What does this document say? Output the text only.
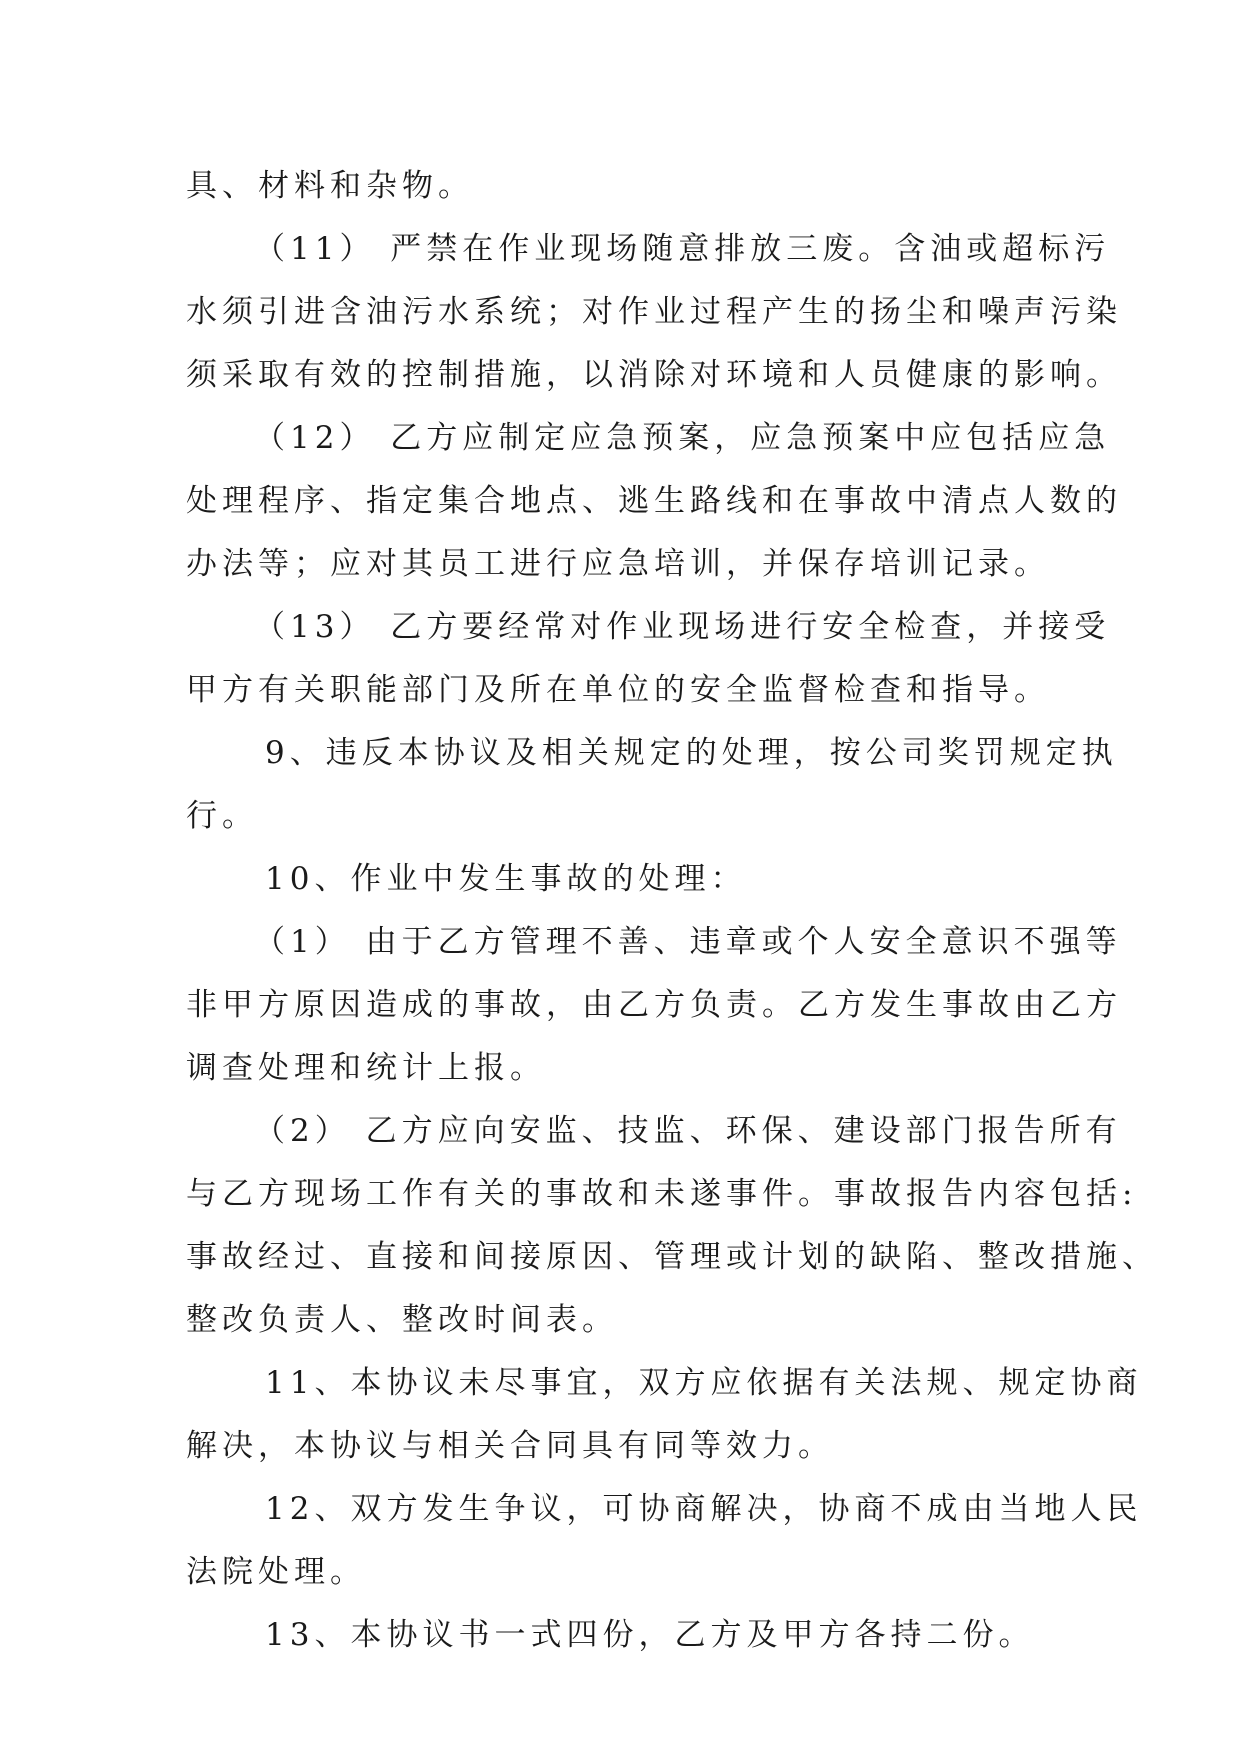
具、材料和杂物。
（11） 严禁在作业现场随意排放三废。含油或超标污
水须引进含油污水系统；对作业过程产生的扬尘和噪声污染
须采取有效的控制措施，以消除对环境和人员健康的影响。
（12） 乙方应制定应急预案，应急预案中应包括应急
处理程序、指定集合地点、逃生路线和在事故中清点人数的
办法等；应对其员工进行应急培训，并保存培训记录。
（13） 乙方要经常对作业现场进行安全检查，并接受
甲方有关职能部门及所在单位的安全监督检查和指导。
9、违反本协议及相关规定的处理，按公司奖罚规定执
行。
10、作业中发生事故的处理：
（1） 由于乙方管理不善、违章或个人安全意识不强等
非甲方原因造成的事故，由乙方负责。乙方发生事故由乙方
调查处理和统计上报。
（2） 乙方应向安监、技监、环保、建设部门报告所有
与乙方现场工作有关的事故和未遂事件。事故报告内容包括:
事故经过、直接和间接原因、管理或计划的缺陷、整改措施、
整改负责人、整改时间表。
11、本协议未尽事宜，双方应依据有关法规、规定协商
解决，本协议与相关合同具有同等效力。
12、双方发生争议，可协商解决，协商不成由当地人民
法院处理。
13、本协议书一式四份，乙方及甲方各持二份。
